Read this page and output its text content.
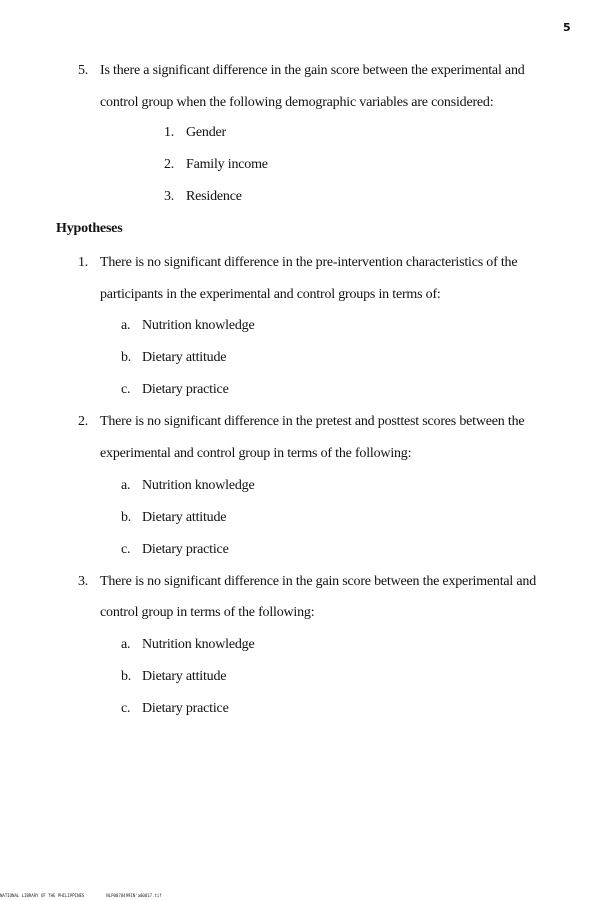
5
5. Is there a significant difference in the gain score between the experimental and
control group when the following demographic variables are considered:
1. Gender
2. Family income
3. Residence
Hypotheses
1. There is no significant difference in the pre-intervention characteristics of the
participants in the experimental and control groups in terms of:
a. Nutrition knowledge
b. Dietary attitude
c. Dietary practice
2. There is no significant difference in the pretest and posttest scores between the
experimental and control group in terms of the following:
a. Nutrition knowledge
b. Dietary attitude
c. Dietary practice
3. There is no significant difference in the gain score between the experimental and
control group in terms of the following:
a. Nutrition knowledge
b. Dietary attitude
c. Dietary practice
NATIONAL LIBRARY OF THE PHILIPPINES	NLP0078499IN'a00017.tif
